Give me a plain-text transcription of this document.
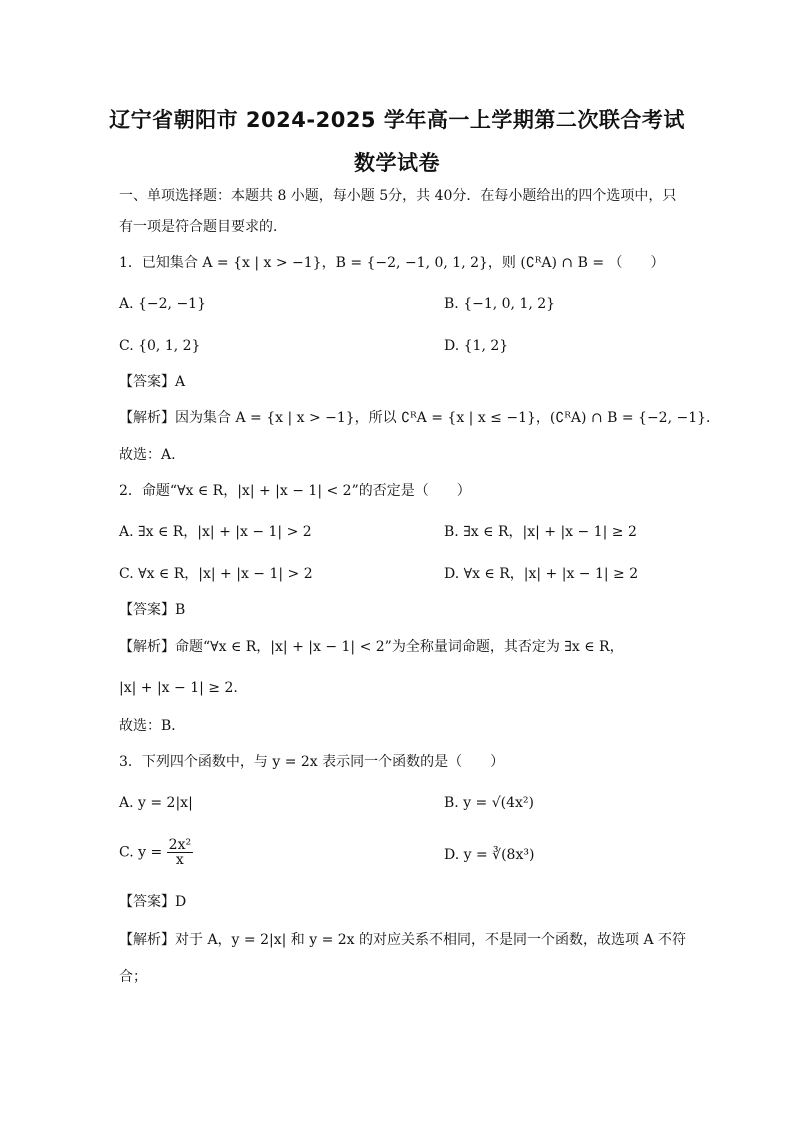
辽宁省朝阳市 2024-2025 学年高一上学期第二次联合考试
数学试卷
一、单项选择题：本题共 8 小题，每小题 5分，共 40分．在每小题给出的四个选项中，只
有一项是符合题目要求的．
1．已知集合 A = {x | x > −1}，B = {−2, −1, 0, 1, 2}，则 (∁ᴿA) ∩ B = （　　）
A. {−2, −1}	B. {−1, 0, 1, 2}
C. {0, 1, 2}	D. {1, 2}
【答案】A
【解析】因为集合 A = {x | x > −1}，所以 ∁ᴿA = {x | x ≤ −1}，(∁ᴿA) ∩ B = {−2, −1}．
故选：A.
2．命题“∀x ∈ R，|x| + |x − 1| < 2”的否定是（　　）
A. ∃x ∈ R，|x| + |x − 1| > 2	B. ∃x ∈ R，|x| + |x − 1| ≥ 2
C. ∀x ∈ R，|x| + |x − 1| > 2	D. ∀x ∈ R，|x| + |x − 1| ≥ 2
【答案】B
【解析】命题“∀x ∈ R，|x| + |x − 1| < 2”为全称量词命题，其否定为 ∃x ∈ R，
|x| + |x − 1| ≥ 2.
故选：B．
3．下列四个函数中，与 y = 2x 表示同一个函数的是（　　）
A. y = 2|x|	B. y = √(4x²)
C. $y = \frac{\text{2x²}}{x}$	D. y = ∛(8x³)
【答案】D
【解析】对于 A，y = 2|x| 和 y = 2x 的对应关系不相同，不是同一个函数，故选项 A 不符
合；
